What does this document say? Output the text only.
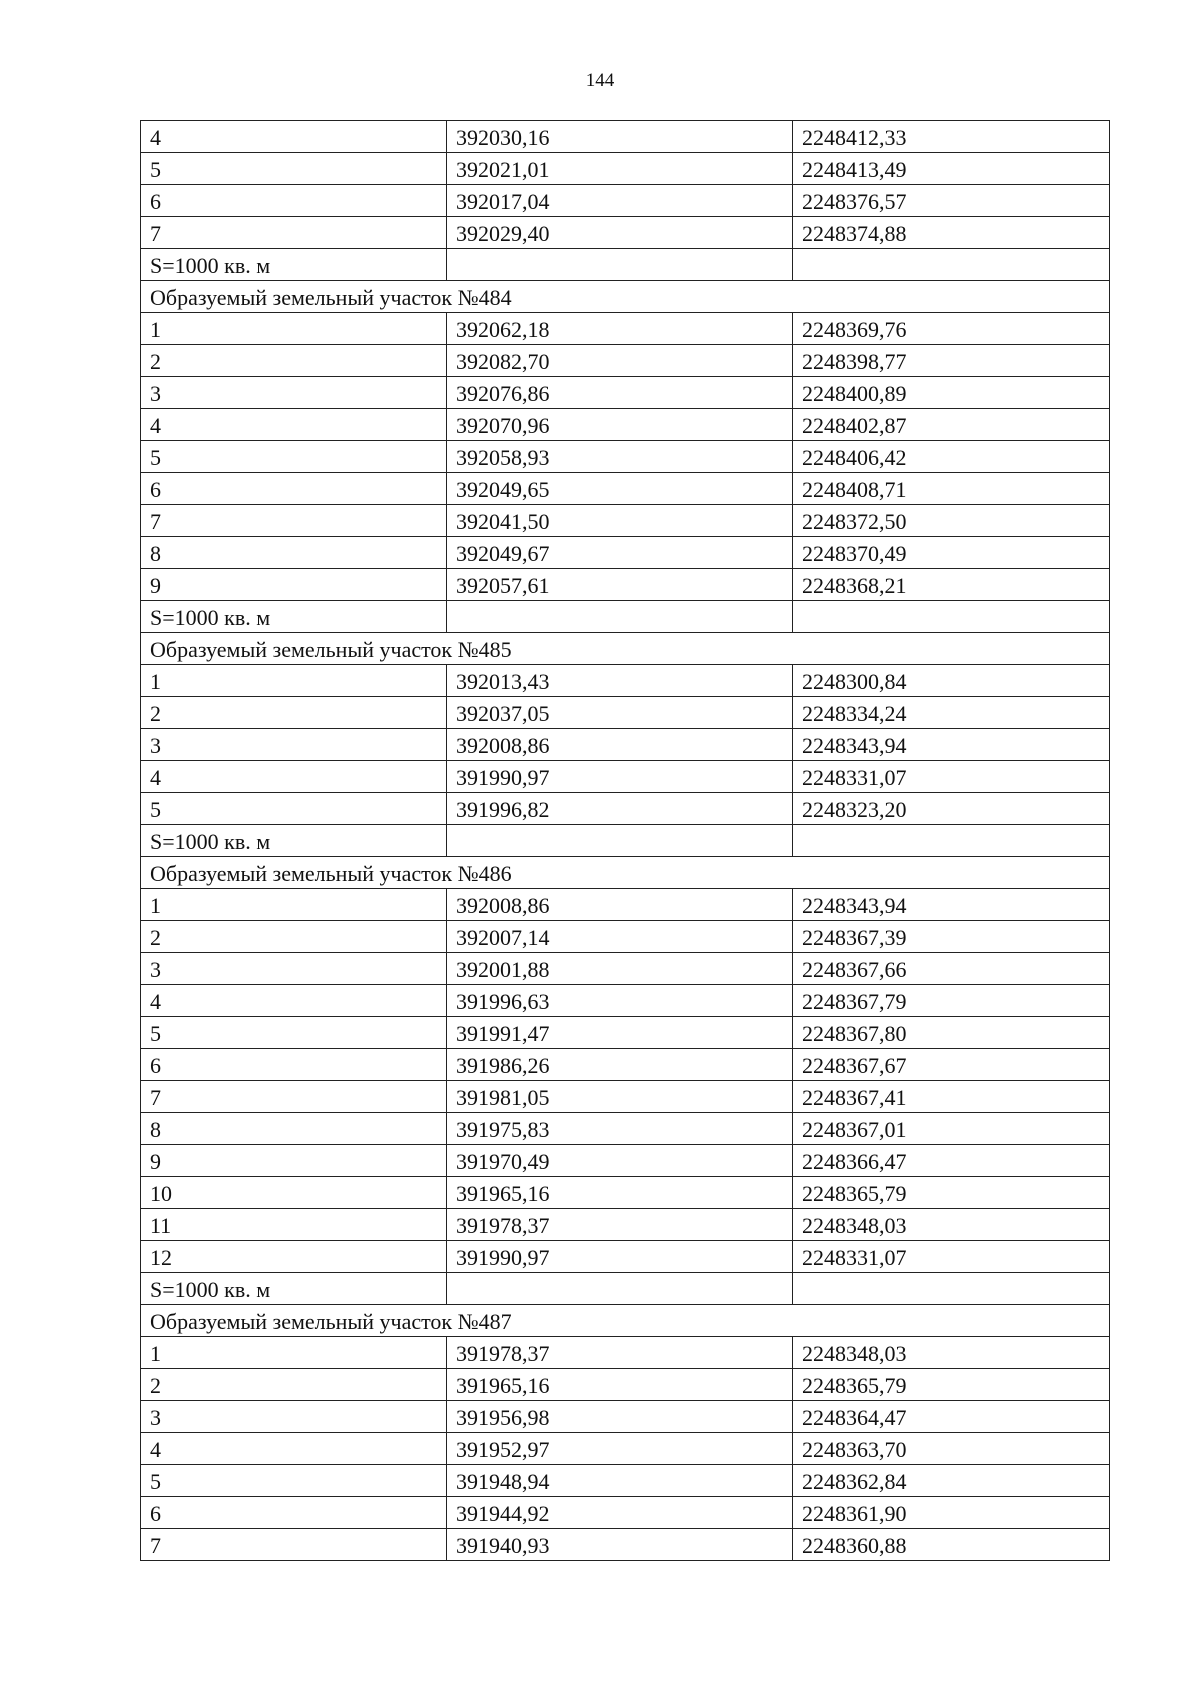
144
4	392030,16	2248412,33
5	392021,01	2248413,49
6	392017,04	2248376,57
7	392029,40	2248374,88
S=1000 кв. м		
Образуемый земельный участок №484		
1	392062,18	2248369,76
2	392082,70	2248398,77
3	392076,86	2248400,89
4	392070,96	2248402,87
5	392058,93	2248406,42
6	392049,65	2248408,71
7	392041,50	2248372,50
8	392049,67	2248370,49
9	392057,61	2248368,21
S=1000 кв. м		
Образуемый земельный участок №485		
1	392013,43	2248300,84
2	392037,05	2248334,24
3	392008,86	2248343,94
4	391990,97	2248331,07
5	391996,82	2248323,20
S=1000 кв. м		
Образуемый земельный участок №486		
1	392008,86	2248343,94
2	392007,14	2248367,39
3	392001,88	2248367,66
4	391996,63	2248367,79
5	391991,47	2248367,80
6	391986,26	2248367,67
7	391981,05	2248367,41
8	391975,83	2248367,01
9	391970,49	2248366,47
10	391965,16	2248365,79
11	391978,37	2248348,03
12	391990,97	2248331,07
S=1000 кв. м		
Образуемый земельный участок №487		
1	391978,37	2248348,03
2	391965,16	2248365,79
3	391956,98	2248364,47
4	391952,97	2248363,70
5	391948,94	2248362,84
6	391944,92	2248361,90
7	391940,93	2248360,88
